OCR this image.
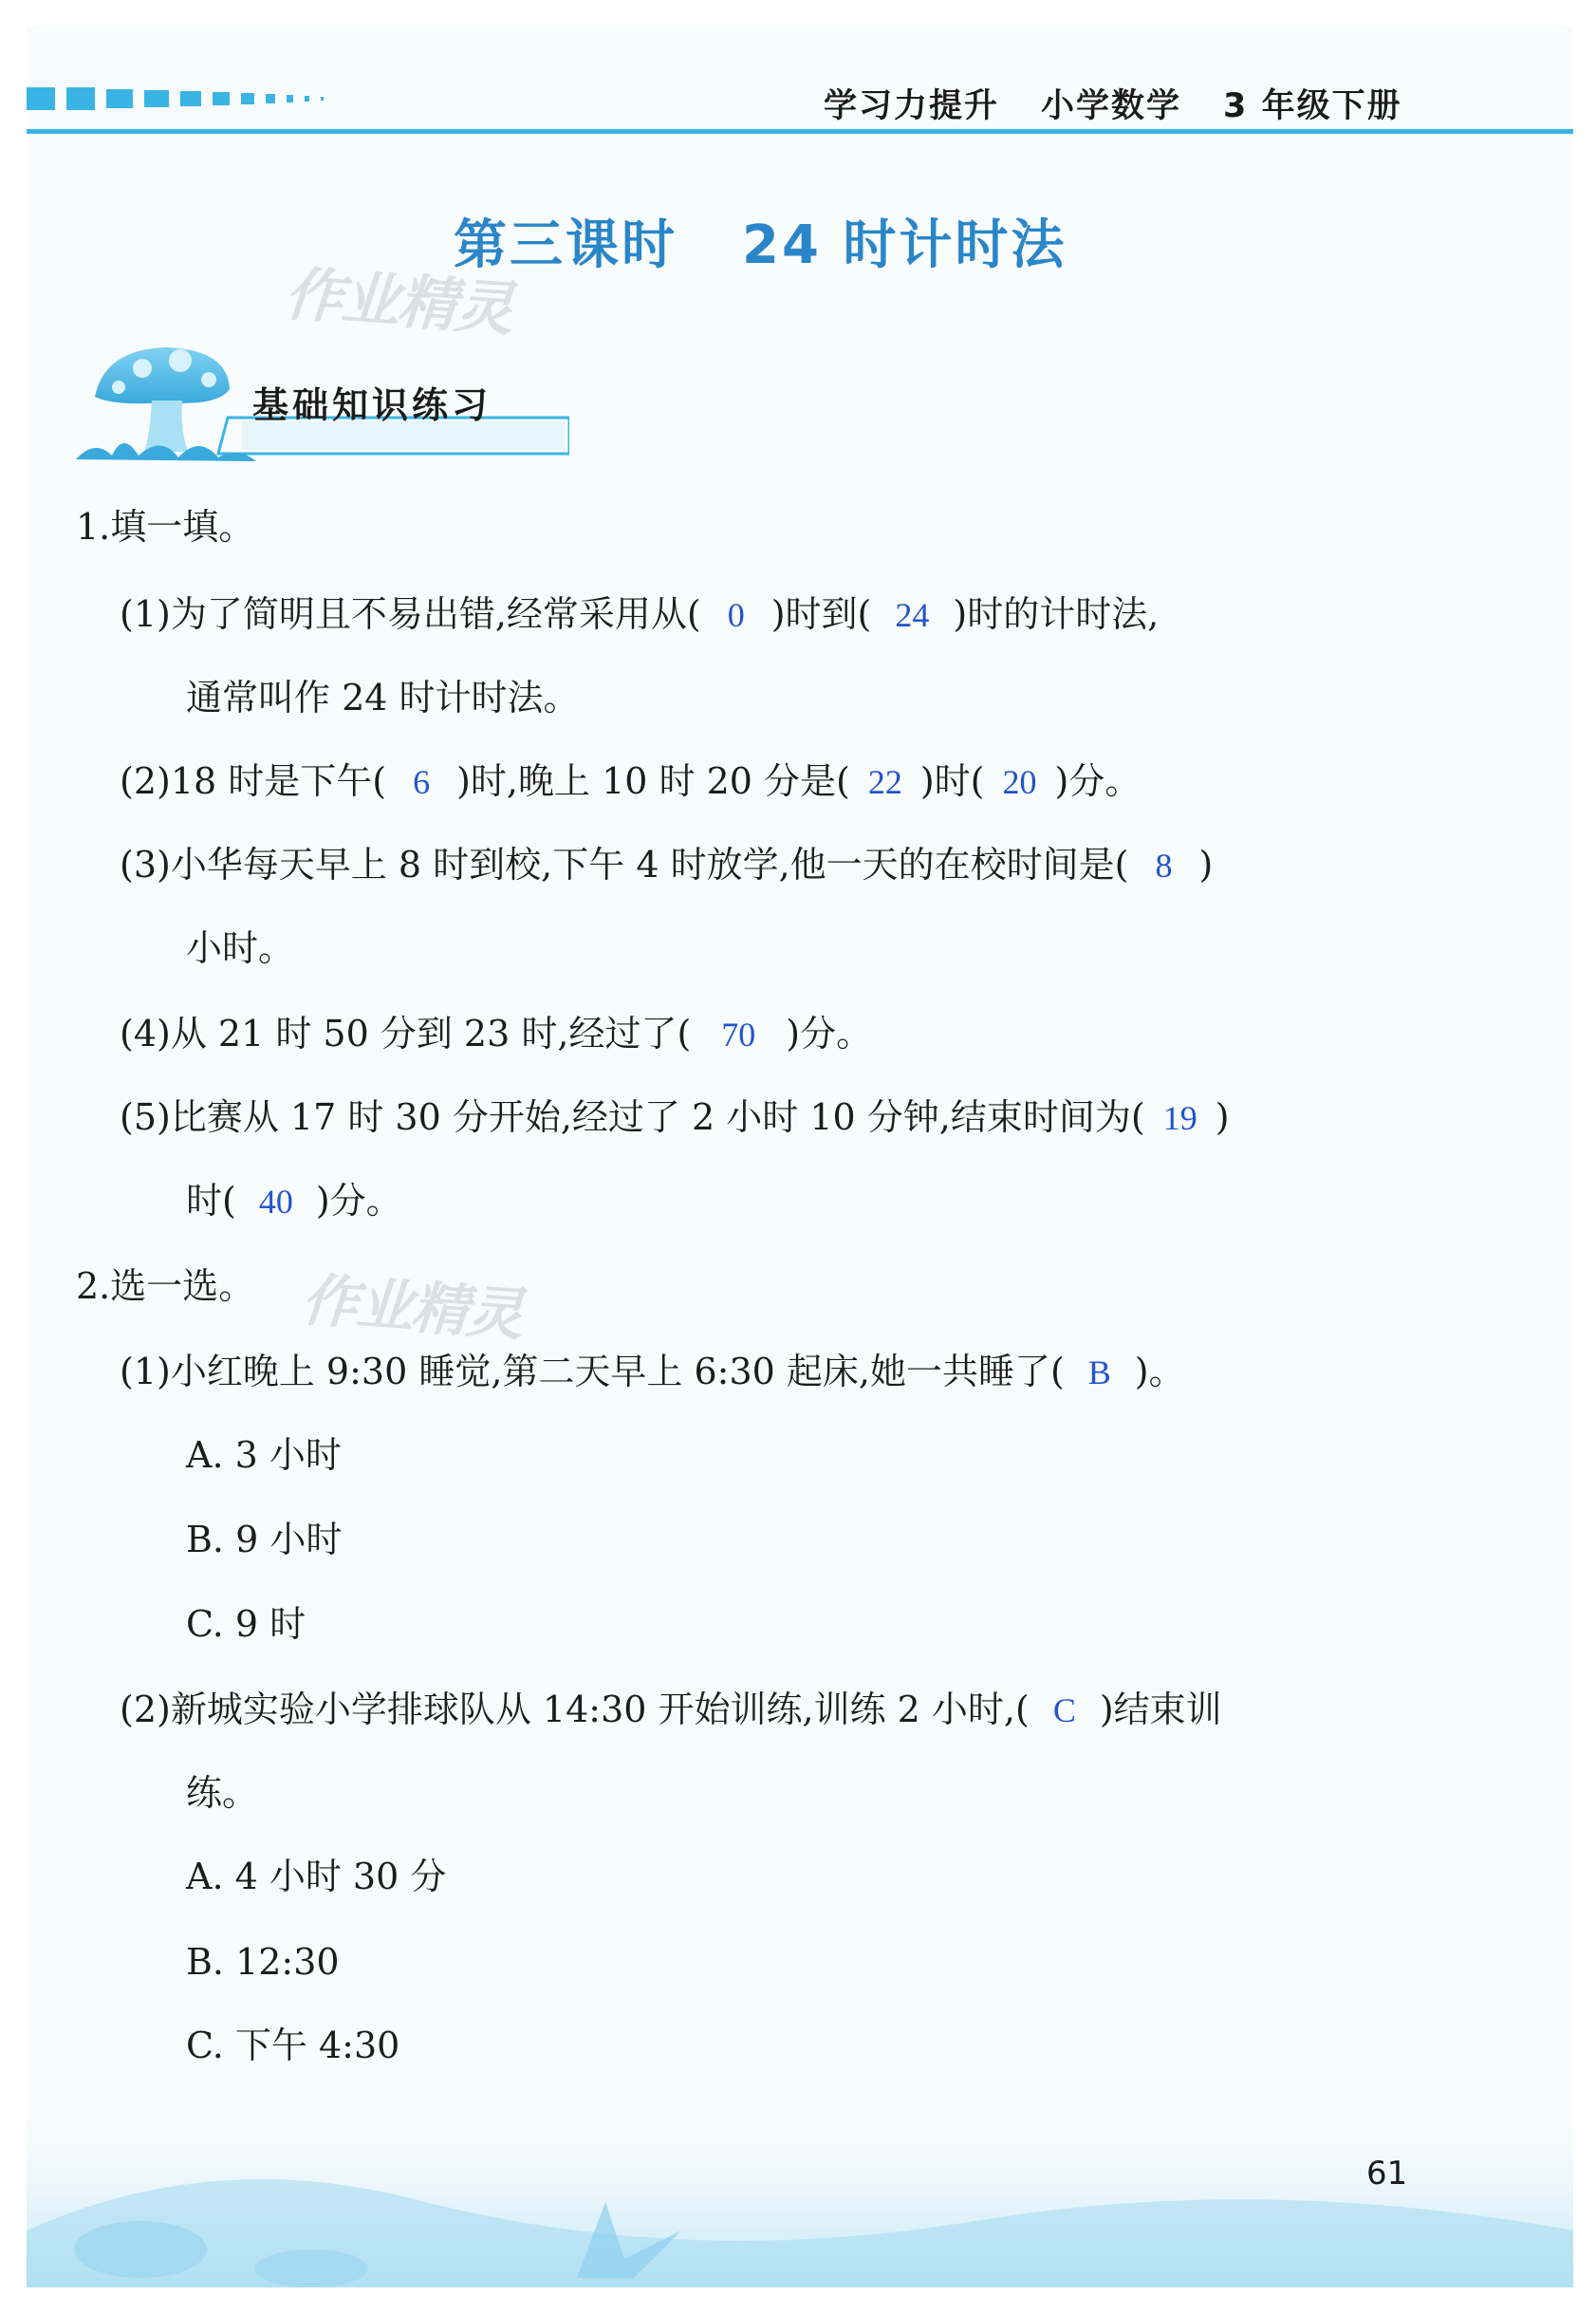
学习力提升 小学数学 3 年级下册
第三课时 24 时计时法
作业精灵
基础知识练习
1.填一填。
(1)为了简明且不易出错,经常采用从( 0 )时到( 24 )时的计时法,
通常叫作 24 时计时法。
(2)18 时是下午( 6 )时,晚上 10 时 20 分是( 22 )时( 20 )分。
(3)小华每天早上 8 时到校,下午 4 时放学,他一天的在校时间是( 8 )
小时。
(4)从 21 时 50 分到 23 时,经过了( 70 )分。
(5)比赛从 17 时 30 分开始,经过了 2 小时 10 分钟,结束时间为( 19 )
时( 40 )分。
2.选一选。 作业精灵
(1)小红晚上 9:30 睡觉,第二天早上 6:30 起床,她一共睡了( B )。
A. 3 小时
B. 9 小时
C. 9 时
(2)新城实验小学排球队从 14:30 开始训练,训练 2 小时,( C )结束训
练。
A. 4 小时 30 分
B. 12:30
C. 下午 4:30
61
